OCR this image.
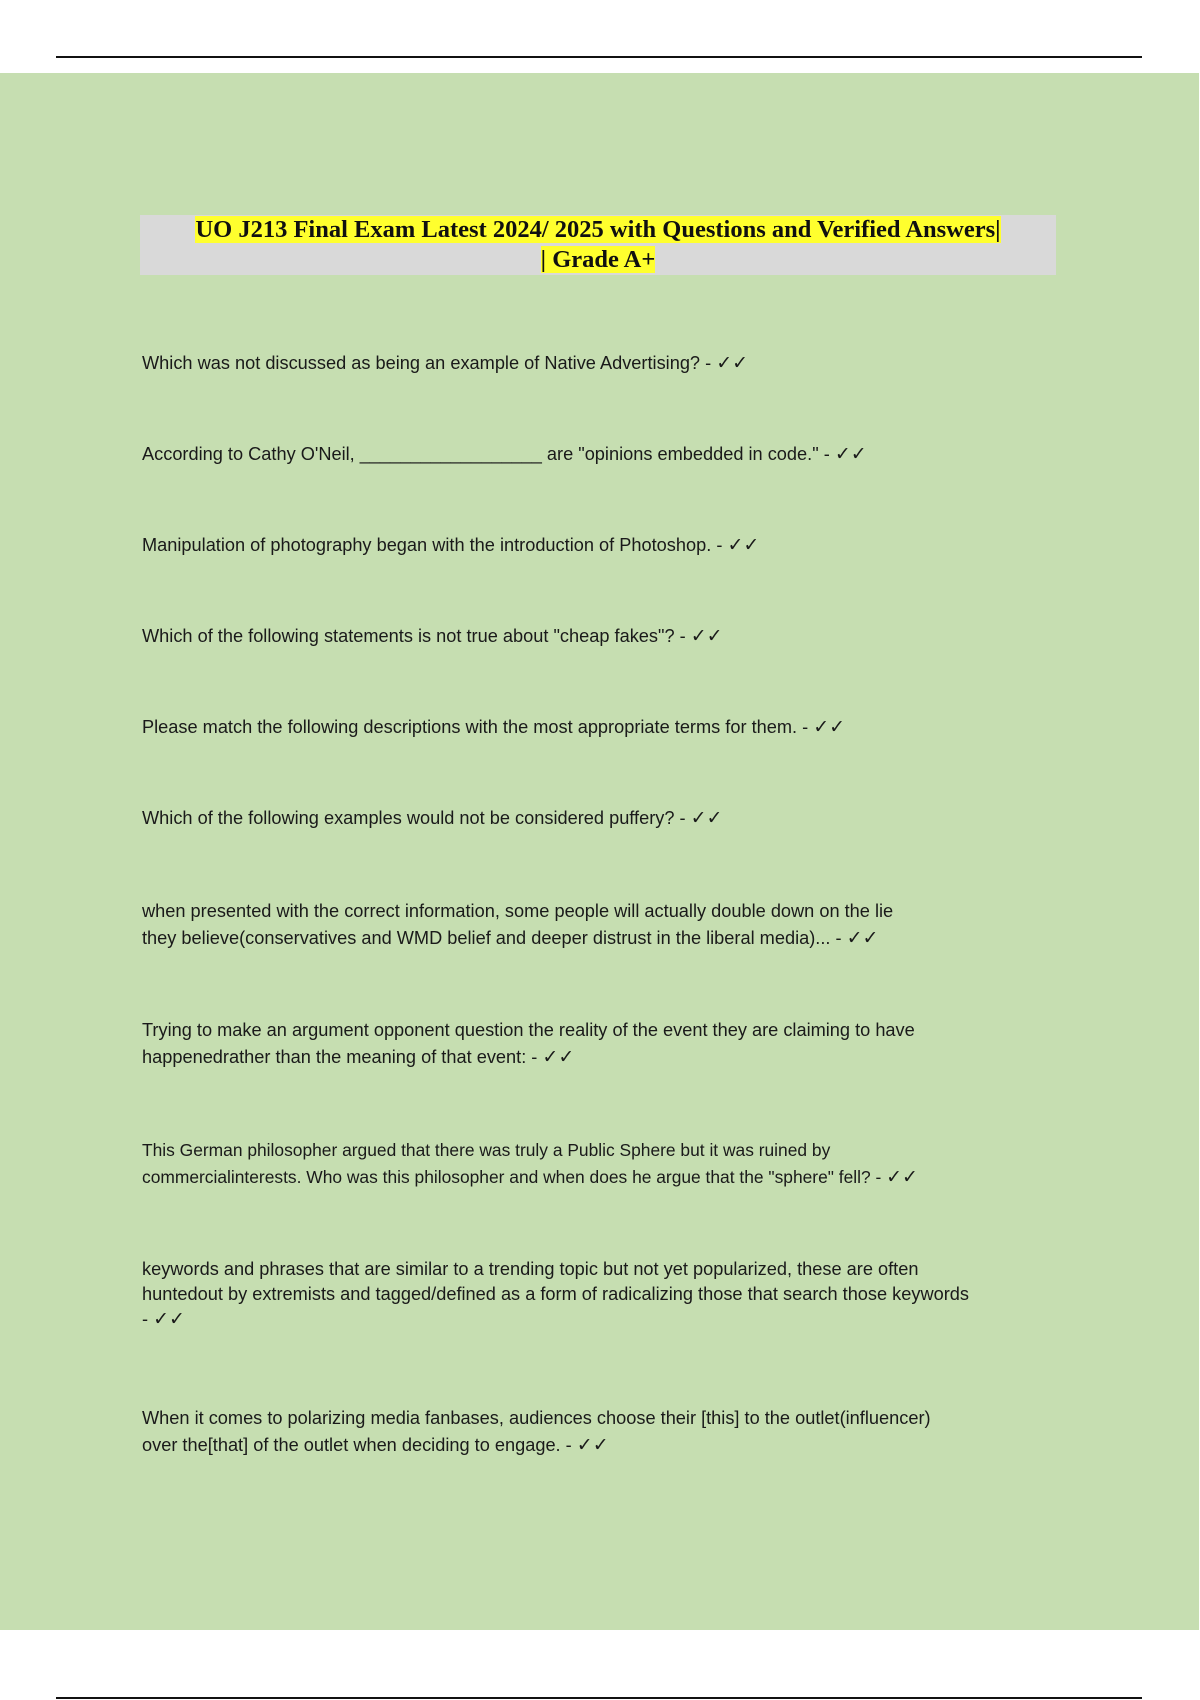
UO J213 Final Exam Latest 2024/ 2025 with Questions and Verified Answers|
| Grade A+
Which was not discussed as being an example of Native Advertising? - ✓✓
According to Cathy O'Neil, __________________ are "opinions embedded in code." - ✓✓
Manipulation of photography began with the introduction of Photoshop. - ✓✓
Which of the following statements is not true about "cheap fakes"? - ✓✓
Please match the following descriptions with the most appropriate terms for them. - ✓✓
Which of the following examples would not be considered puffery? - ✓✓
when presented with the correct information, some people will actually double down on the lie
they believe(conservatives and WMD belief and deeper distrust in the liberal media)... - ✓✓
Trying to make an argument opponent question the reality of the event they are claiming to have
happenedrather than the meaning of that event: - ✓✓
This German philosopher argued that there was truly a Public Sphere but it was ruined by
commercialinterests. Who was this philosopher and when does he argue that the "sphere" fell? - ✓✓
keywords and phrases that are similar to a trending topic but not yet popularized, these are often
huntedout by extremists and tagged/defined as a form of radicalizing those that search those keywords
- ✓✓
When it comes to polarizing media fanbases, audiences choose their [this] to the outlet(influencer)
over the[that] of the outlet when deciding to engage. - ✓✓
